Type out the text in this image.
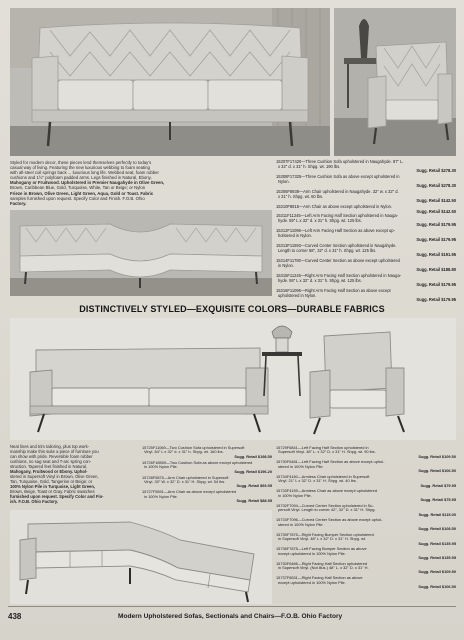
Styled for modern decor, these pieces lend themselves perfectly to today's
casual way of living. Featuring the new luxurious webbing to foam seating
with all-steel coil springs back ... luxurious long life. Webbed seat, foam rubber
cushions and 1½" polyfoam padded arms. Legs finished in Natural, Ebony,
Mahogany or Fruitwood. Upholstered in Premier Naugahyde in Olive Green,
Brown, Caribbean Blue, Gold, Turquoise, White, Tan or Beige; or Nylon
Frieze in Brown, Olive Green, Light Green, Aqua, Gold or Toast. Fabric
samples furnished upon request. Specify Color and Finish. F.O.B. Ohio
Factory.
15307F17420—Three Cushion Sofa upholstered in Naugahyde. 87" L.
x 32" d. x 31" h. Shpg. wt. 190 lbs.
Sugg. Retail $278.30
15308F17325—Three Cushion Sofa as above except upholstered in
Nylon.
Sugg. Retail $278.30
15306F8938—Arm Chair upholstered in Naugahyde. 32" w. x 32" d.
x 31" h. Shpg. wt. 60 lbs.
Sugg. Retail $142.50
15310F8815—Arm Chair as above except upholstered in Nylon.
Sugg. Retail $142.50
15311F11245—Left Arm Facing Half Section upholstered in Nauga-
hyde. 59" L x 32" d. x 31" h. Shpg. wt. 125 lbs.
Sugg. Retail $179.95
15312F11096—Left Arm Facing Half Section as above except up-
holstered in Nylon.
Sugg. Retail $179.95
15313F11593—Curved Center Section upholstered in Naugahyde.
Length to corner 58", 32" d. x 31" h. Shpg. wt. 125 lbs.
Sugg. Retail $191.95
15314F11780—Curved Center Section as above except upholstered
in Nylon.
Sugg. Retail $188.80
15315F11245—Right Arm Facing Half Section upholstered in Nauga-
hyde. 59" L x 32" d. x 31" h. Shpg. wt. 125 lbs.
Sugg. Retail $179.95
15316F11096—Right Arm Facing Half Section as above except
upholstered in Nylon.
Sugg. Retail $179.95
DISTINCTIVELY STYLED—EXQUISITE COLORS—DURABLE FABRICS
Neat lines and trim tailoring, plus top work-
manship make this suite a piece of furniture you
can show with pride. Reversible foam rubber
cushions, no sag seat and T-arc spring con-
struction. Tapered feet finished in Natural,
Mahogany, Fruitwood or Ebony. Uphol-
stered in Supersoft Vinyl in Brown, Olive Green,
Tan, Turquoise, Gold, Tangerine or Beige; or
100% Nylon Pile in Turquoise, Light Green,
Brown, Beige, Toast or Gray. Fabric swatches
furnished upon request. Specify Color and Fin-
ish. F.O.B. Ohio Factory.
15725F11069—Two Cushion Sofa upholstered in Supersoft
Vinyl. 84" L x 32" d. x 31" h. Shpg. wt. 160 lbs.
Sugg. Retail $198.50
15726F18559—Two Cushion Sofa as above except upholstered
in 100% Nylon Pile.
Sugg. Retail $196.20
15728F5875—Arm Chair upholstered in Supersoft
Vinyl. 30" W. x 32" D. x 31" H. Shpg. wt. 54 lbs.
Sugg. Retail $93.95
15727F5591—Arm Chair as above except upholstered
in 100% Nylon Pile.
Sugg. Retail $88.95
15729F6841—Left Facing Half Section upholstered in
Supersoft Vinyl. 48" L. x 32" D. x 31" H. Shpg. wt. 90 lbs.
Sugg. Retail $109.50
15730F6481—Left Facing Half Section as above except uphol-
stered in 100% Nylon Pile.
Sugg. Retail $106.50
15734F4160—Armless Chair upholstered in Supersoft
Vinyl. 21" L x 32" D. x 31" H. Shpg. wt. 40 lbs.
Sugg. Retail $79.95
15733F4159—Armless Chair as above except upholstered
in 100% Nylon Pile.
Sugg. Retail $75.95
15732F7094—Curved Center Section upholstered in Su-
persoft Vinyl. Length to corner 42", 32" D. x 31" H. Shpg.
Sugg. Retail $115.00
15733F7096—Curved Center Section as above except uphol-
stered in 100% Nylon Pile.
Sugg. Retail $108.50
15735F7875—Right Facing Bumper Section upholstered
in Supersoft Vinyl. 48" L x 32" D. x 31" H. Shpg. wt.
Sugg. Retail $135.95
15736F7875—Left Facing Bumper Section as above
except upholstered in 100% Nylon Pile.
Sugg. Retail $135.95
15730F6466—Right Facing Half Section upholstered
in Supersoft Vinyl. (Not illus.) 48" L. x 32" D. x 31" H.
Sugg. Retail $109.50
15737F6531—Right Facing Half Section as above
except upholstered in 100% Nylon Pile.
Sugg. Retail $106.50
438	Modern Upholstered Sofas, Sectionals and Chairs—F.O.B. Ohio Factory
